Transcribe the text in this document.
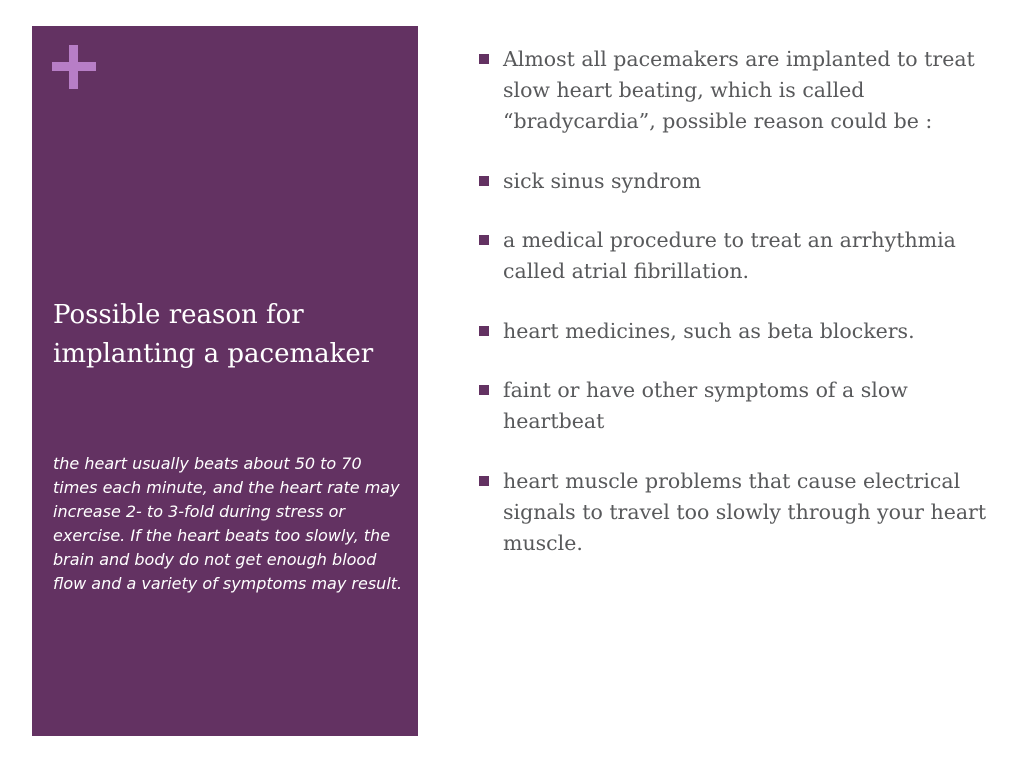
Possible reason for implanting a pacemaker

the heart usually beats about 50 to 70 times each minute, and the heart rate may increase 2- to 3-fold during stress or exercise. If the heart beats too slowly, the brain and body do not get enough blood flow and a variety of symptoms may result.

Almost all pacemakers are implanted to treat slow heart beating, which is called “bradycardia”, possible reason could be :
sick sinus syndrom
a medical procedure to treat an arrhythmia called atrial fibrillation.
heart medicines, such as beta blockers.
faint or have other symptoms of a slow heartbeat
heart muscle problems that cause electrical signals to travel too slowly through your heart muscle.
